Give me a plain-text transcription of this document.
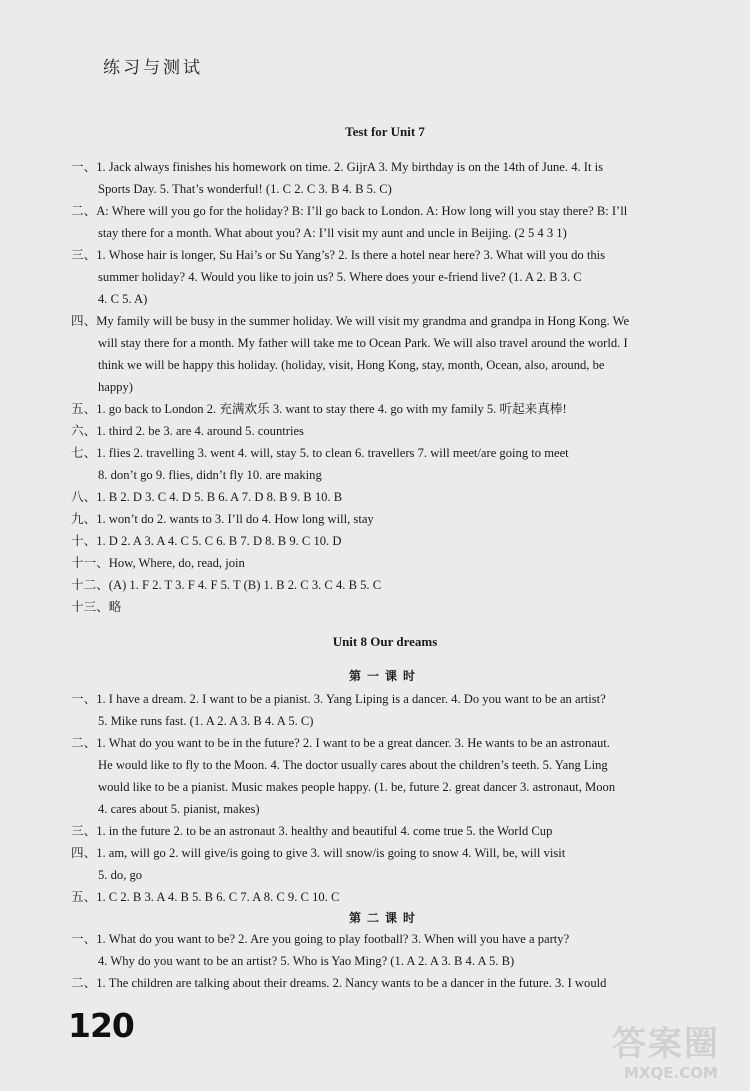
练习与测试
Test for Unit 7
一、1. Jack always finishes his homework on time. 2. GijrA 3. My birthday is on the 14th of June. 4. It is
Sports Day. 5. That’s wonderful! (1. C 2. C 3. B 4. B 5. C)
二、A: Where will you go for the holiday? B: I’ll go back to London. A: How long will you stay there? B: I’ll
stay there for a month. What about you? A: I’ll visit my aunt and uncle in Beijing. (2 5 4 3 1)
三、1. Whose hair is longer, Su Hai’s or Su Yang’s? 2. Is there a hotel near here? 3. What will you do this
summer holiday? 4. Would you like to join us? 5. Where does your e-friend live? (1. A 2. B 3. C
4. C 5. A)
四、My family will be busy in the summer holiday. We will visit my grandma and grandpa in Hong Kong. We
will stay there for a month. My father will take me to Ocean Park. We will also travel around the world. I
think we will be happy this holiday. (holiday, visit, Hong Kong, stay, month, Ocean, also, around, be
happy)
五、1. go back to London 2. 充满欢乐 3. want to stay there 4. go with my family 5. 听起来真棒!
六、1. third 2. be 3. are 4. around 5. countries
七、1. flies 2. travelling 3. went 4. will, stay 5. to clean 6. travellers 7. will meet/are going to meet
8. don’t go 9. flies, didn’t fly 10. are making
八、1. B 2. D 3. C 4. D 5. B 6. A 7. D 8. B 9. B 10. B
九、1. won’t do 2. wants to 3. I’ll do 4. How long will, stay
十、1. D 2. A 3. A 4. C 5. C 6. B 7. D 8. B 9. C 10. D
十一、How, Where, do, read, join
十二、(A) 1. F 2. T 3. F 4. F 5. T (B) 1. B 2. C 3. C 4. B 5. C
十三、略
Unit 8 Our dreams
第一课时
一、1. I have a dream. 2. I want to be a pianist. 3. Yang Liping is a dancer. 4. Do you want to be an artist?
5. Mike runs fast. (1. A 2. A 3. B 4. A 5. C)
二、1. What do you want to be in the future? 2. I want to be a great dancer. 3. He wants to be an astronaut.
He would like to fly to the Moon. 4. The doctor usually cares about the children’s teeth. 5. Yang Ling
would like to be a pianist. Music makes people happy. (1. be, future 2. great dancer 3. astronaut, Moon
4. cares about 5. pianist, makes)
三、1. in the future 2. to be an astronaut 3. healthy and beautiful 4. come true 5. the World Cup
四、1. am, will go 2. will give/is going to give 3. will snow/is going to snow 4. Will, be, will visit
5. do, go
五、1. C 2. B 3. A 4. B 5. B 6. C 7. A 8. C 9. C 10. C
第二课时
一、1. What do you want to be? 2. Are you going to play football? 3. When will you have a party?
4. Why do you want to be an artist? 5. Who is Yao Ming? (1. A 2. A 3. B 4. A 5. B)
二、1. The children are talking about their dreams. 2. Nancy wants to be a dancer in the future. 3. I would
120	答案圈
MXQE.COM
